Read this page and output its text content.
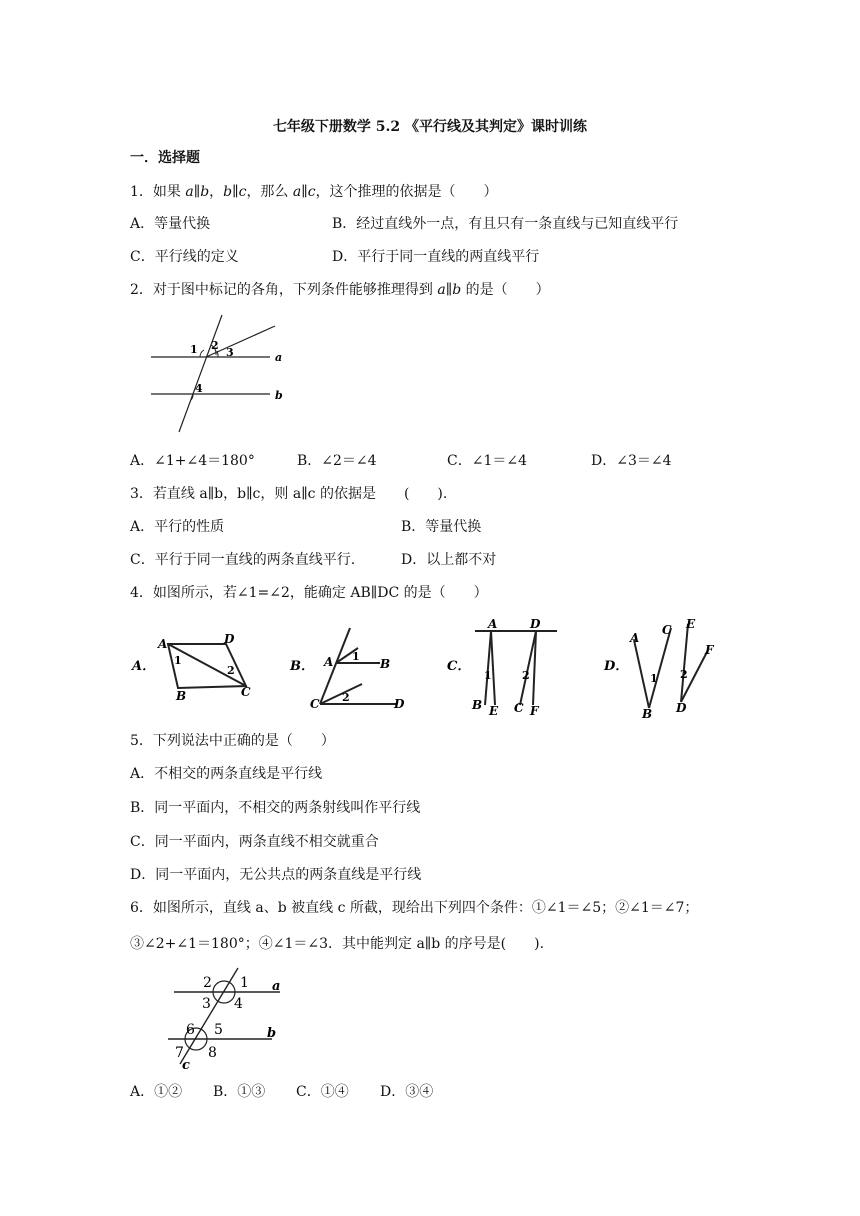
七年级下册数学 5.2 《平行线及其判定》课时训练
一．选择题
1．如果 a∥b，b∥c，那么 a∥c，这个推理的依据是（　　）
A．等量代换	B．经过直线外一点，有且只有一条直线与已知直线平行
C．平行线的定义	D．平行于同一直线的两直线平行
2．对于图中标记的各角，下列条件能够推理得到 a∥b 的是（　　）
1 2
3
4
a
b
A．∠1+∠4＝180°	B．∠2＝∠4	C．∠1＝∠4	D．∠3＝∠4
3．若直线 a∥b，b∥c，则 a∥c 的依据是　　(　　).
A．平行的性质	B．等量代换
C．平行于同一直线的两条直线平行.	D．以上都不对
4．如图所示，若∠1=∠2，能确定 AB∥DC 的是（　　）
A．
A	D
B	C
1
2	B． A	B
C	D
1
2
C．
A	D
B E C F
1	2
D．
A
C E
F
B D
1 2
5．下列说法中正确的是（　　）
A．不相交的两条直线是平行线
B．同一平面内，不相交的两条射线叫作平行线
C．同一平面内，两条直线不相交就重合
D．同一平面内，无公共点的两条直线是平行线
6．如图所示，直线 a、b 被直线 c 所截，现给出下列四个条件：①∠1＝∠5；②∠1＝∠7；
③∠2+∠1＝180°；④∠1＝∠3．其中能判定 a∥b 的序号是(　　).
2 1
3 4
6 5
7 8
a
b
c
A．①② B．①③ C．①④ D．③④
